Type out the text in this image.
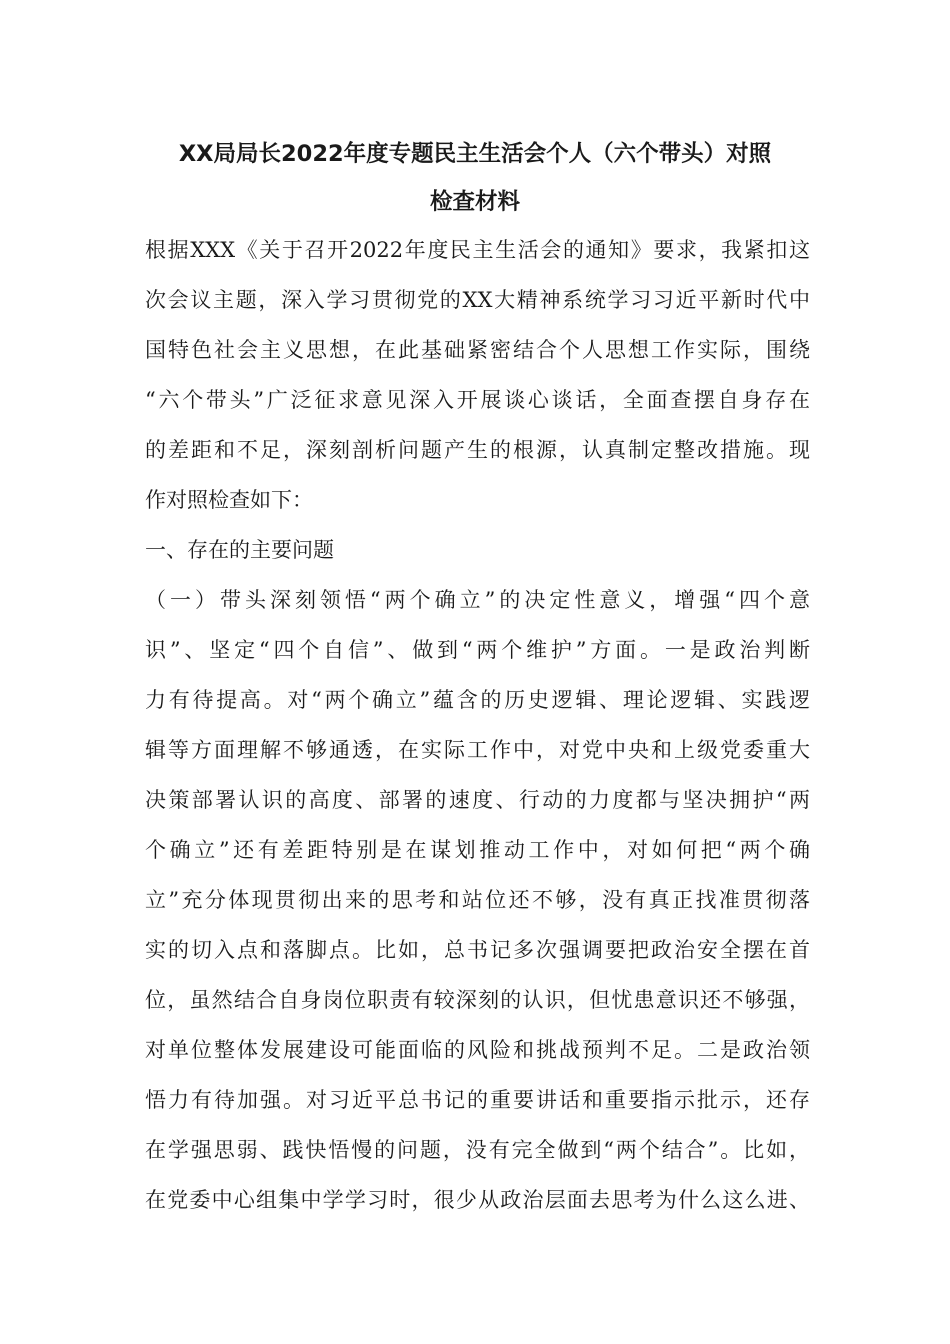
XX局局长2022年度专题民主生活会个人（六个带头）对照
检查材料
根据XXX《关于召开2022年度民主生活会的通知》要求，我紧扣这
次会议主题，深入学习贯彻党的XX大精神系统学习习近平新时代中
国特色社会主义思想，在此基础紧密结合个人思想工作实际，围绕
“六个带头”广泛征求意见深入开展谈心谈话，全面查摆自身存在
的差距和不足，深刻剖析问题产生的根源，认真制定整改措施。现
作对照检查如下：
一、存在的主要问题
（一）带头深刻领悟“两个确立”的决定性意义，增强“四个意
识”、坚定“四个自信”、做到“两个维护”方面。一是政治判断
力有待提高。对“两个确立”蕴含的历史逻辑、理论逻辑、实践逻
辑等方面理解不够通透，在实际工作中，对党中央和上级党委重大
决策部署认识的高度、部署的速度、行动的力度都与坚决拥护“两
个确立”还有差距特别是在谋划推动工作中，对如何把“两个确
立”充分体现贯彻出来的思考和站位还不够，没有真正找准贯彻落
实的切入点和落脚点。比如，总书记多次强调要把政治安全摆在首
位，虽然结合自身岗位职责有较深刻的认识，但忧患意识还不够强，
对单位整体发展建设可能面临的风险和挑战预判不足。二是政治领
悟力有待加强。对习近平总书记的重要讲话和重要指示批示，还存
在学强思弱、践快悟慢的问题，没有完全做到“两个结合”。比如，
在党委中心组集中学学习时，很少从政治层面去思考为什么这么进、
